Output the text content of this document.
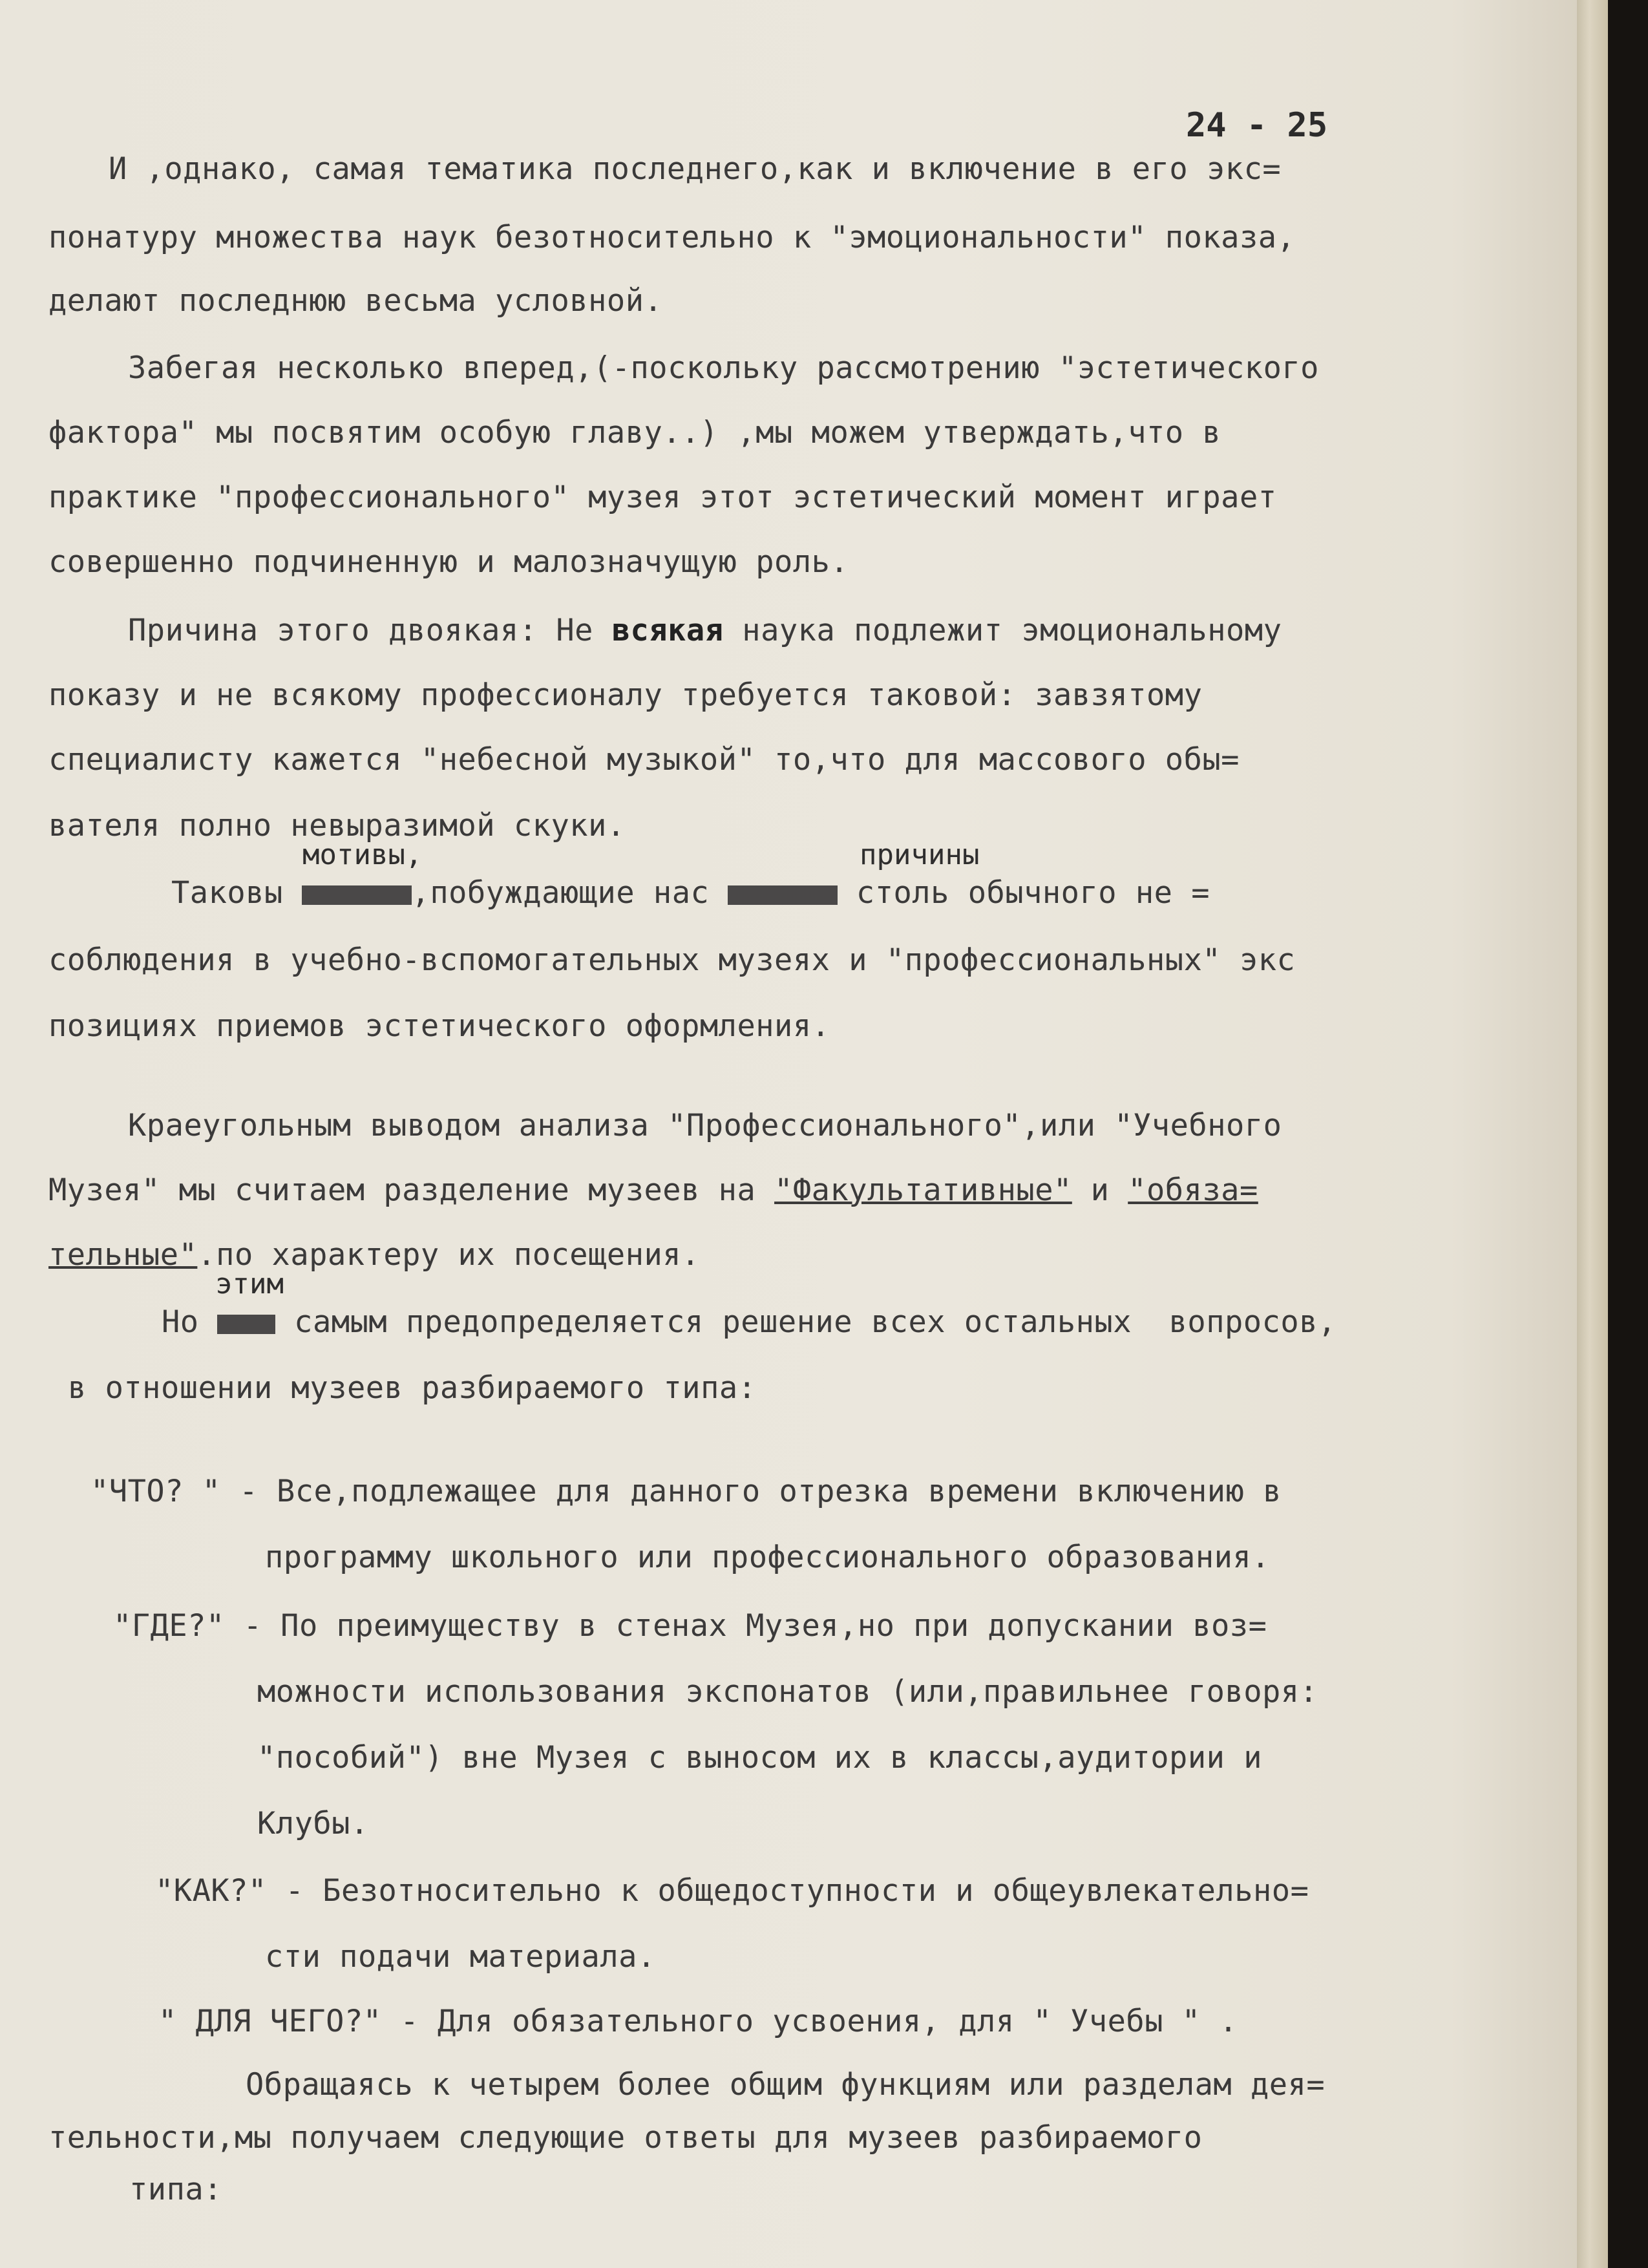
24 - 25
И ,однако, самая тематика последнего,как и включение в его экс=
понатуру множества наук безотносительно к "эмоциональности" показа,
делают последнюю весьма условной.
Забегая несколько вперед,(-поскольку рассмотрению "эстетического
фактора" мы посвятим особую главу..) ,мы можем утверждать,что в
практике "профессионального" музея этот эстетический момент играет
совершенно подчиненную и малозначущую роль.
Причина этого двоякая: Не всякая наука подлежит эмоциональному
показу и не всякому профессионалу требуется таковой: завзятому
специалисту кажется "небесной музыкой" то,что для массового обы=
вателя полно невыразимой скуки.
мотивы,	причины
Таковы	,побуждающие нас	столь обычного не =
соблюдения в учебно-вспомогательных музеях и "профессиональных" экс
позициях приемов эстетического оформления.
Краеугольным выводом анализа "Профессионального",или "Учебного
Музея" мы считаем разделение музеев на "Факультативные" и "обяза=
тельные".по характеру их посещения.
этим
Но  самым предопределяется решение всех остальных  вопросов,
в отношении музеев разбираемого типа:
"ЧТО? " - Все,подлежащее для данного отрезка времени включению в
программу школьного или профессионального образования.
"ГДЕ?" - По преимуществу в стенах Музея,но при допускании воз=
можности использования экспонатов (или,правильнее говоря:
"пособий") вне Музея с выносом их в классы,аудитории и
Клубы.
"КАК?" - Безотносительно к общедоступности и общеувлекательно=
сти подачи материала.
" ДЛЯ ЧЕГО?" - Для обязательного усвоения, для " Учебы " .
Обращаясь к четырем более общим функциям или разделам дея=
тельности,мы получаем следующие ответы для музеев разбираемого
типа:
